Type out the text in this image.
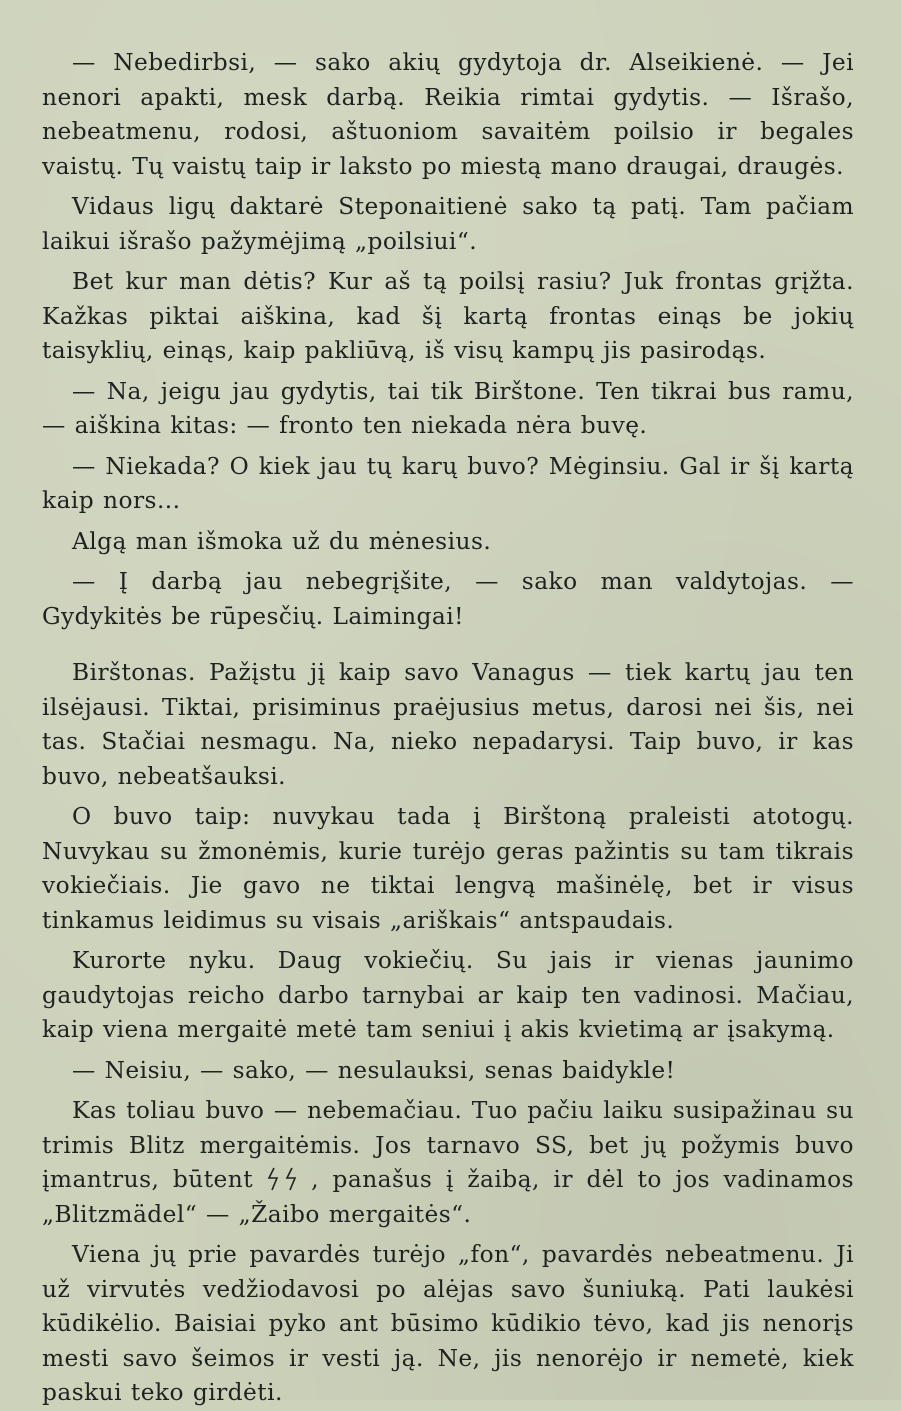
— Nebedirbsi, — sako akių gydytoja dr. Alseikienė. — Jei nenori apakti, mesk darbą. Reikia rimtai gydytis. — Išrašo, nebeatmenu, rodosi, aštuoniom savaitėm poilsio ir begales vaistų. Tų vaistų taip ir laksto po miestą mano draugai, draugės.

Vidaus ligų daktarė Steponaitienė sako tą patį. Tam pačiam laikui išrašo pažymėjimą „poilsiui“.

Bet kur man dėtis? Kur aš tą poilsį rasiu? Juk frontas grįžta. Kažkas piktai aiškina, kad šį kartą frontas einąs be jokių taisyklių, einąs, kaip pakliūvą, iš visų kampų jis pasirodąs.

— Na, jeigu jau gydytis, tai tik Birštone. Ten tikrai bus ramu, — aiškina kitas: — fronto ten niekada nėra buvę.

— Niekada? O kiek jau tų karų buvo? Mėginsiu. Gal ir šį kartą kaip nors...

Algą man išmoka už du mėnesius.

— Į darbą jau nebegrįšite, — sako man valdytojas. — Gydykitės be rūpesčių. Laimingai!

Birštonas. Pažįstu jį kaip savo Vanagus — tiek kartų jau ten ilsėjausi. Tiktai, prisiminus praėjusius metus, darosi nei šis, nei tas. Stačiai nesmagu. Na, nieko nepadarysi. Taip buvo, ir kas buvo, nebeatšauksi.

O buvo taip: nuvykau tada į Birštoną praleisti atotogų. Nuvykau su žmonėmis, kurie turėjo geras pažintis su tam tikrais vokiečiais. Jie gavo ne tiktai lengvą mašinėlę, bet ir visus tinkamus leidimus su visais „ariškais“ antspaudais.

Kurorte nyku. Daug vokiečių. Su jais ir vienas jaunimo gaudytojas reicho darbo tarnybai ar kaip ten vadinosi. Mačiau, kaip viena mergaitė metė tam seniui į akis kvietimą ar įsakymą.

— Neisiu, — sako, — nesulauksi, senas baidykle!

Kas toliau buvo — nebemačiau. Tuo pačiu laiku susipažinau su trimis Blitz mergaitėmis. Jos tarnavo SS, bet jų požymis buvo įmantrus, būtent , panašus į žaibą, ir dėl to jos vadinamos „Blitzmädel“ — „Žaibo mergaitės“.

Viena jų prie pavardės turėjo „fon“, pavardės nebeatmenu. Ji už virvutės vedžiodavosi po alėjas savo šuniuką. Pati laukėsi kūdikėlio. Baisiai pyko ant būsimo kūdikio tėvo, kad jis nenorįs mesti savo šeimos ir vesti ją. Ne, jis nenorėjo ir nemetė, kiek paskui teko girdėti.
